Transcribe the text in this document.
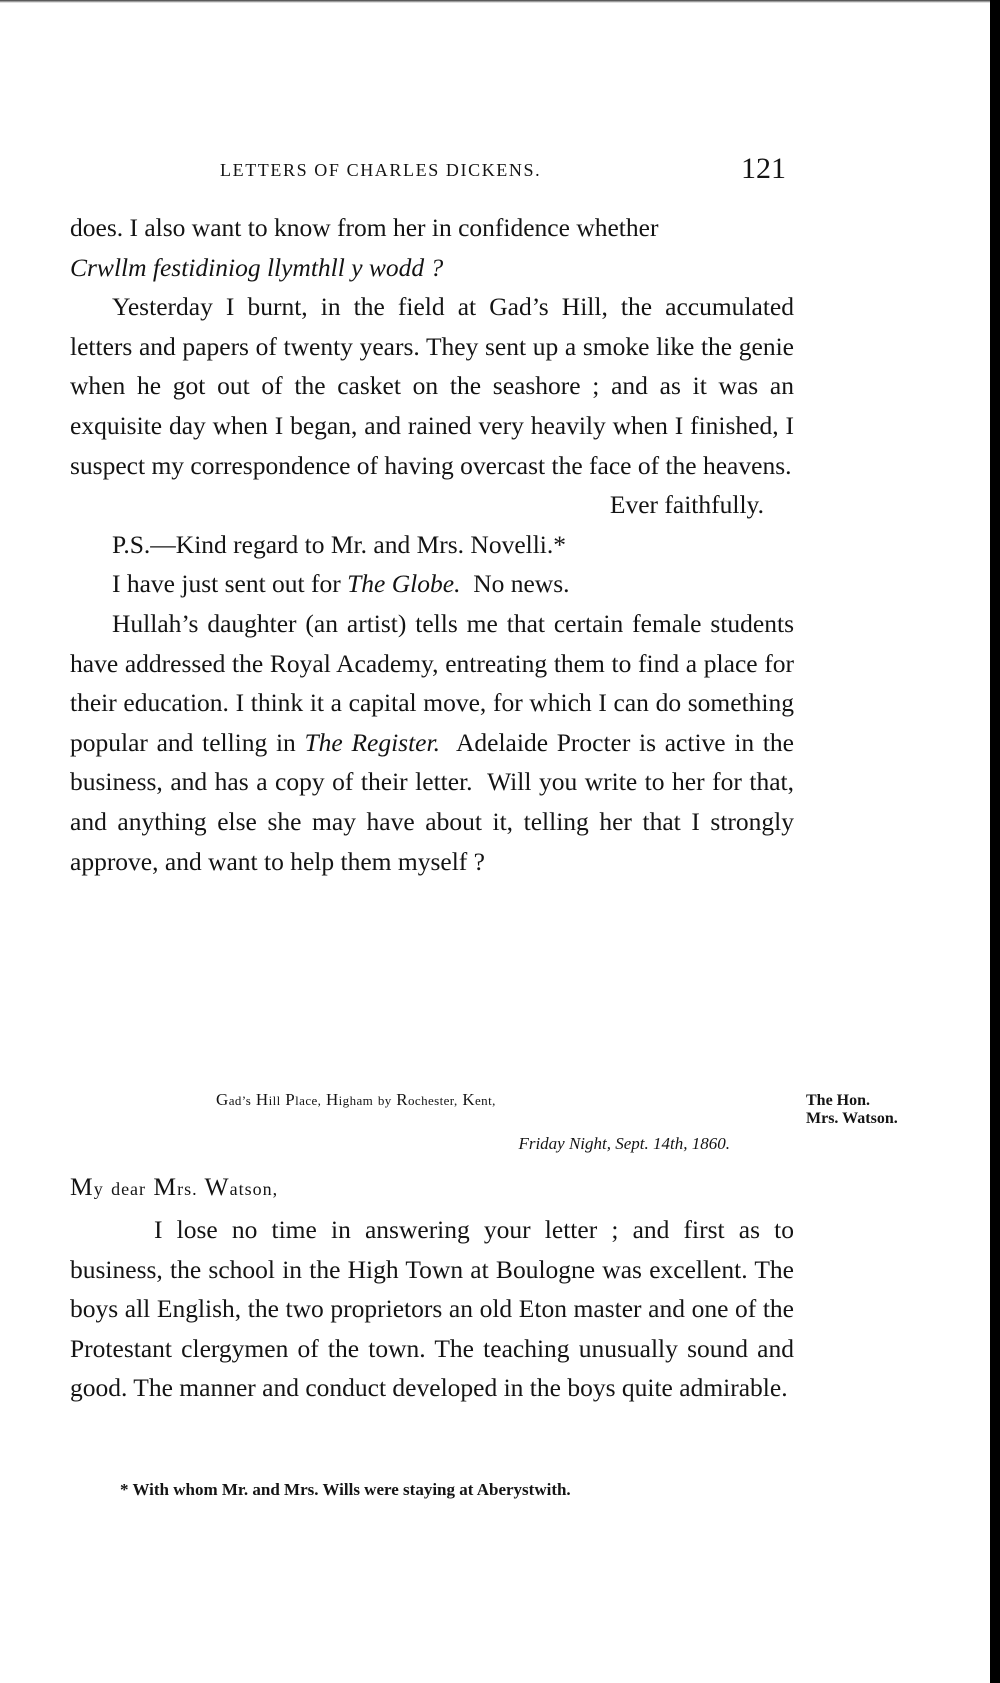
LETTERS OF CHARLES DICKENS.	121

does. I also want to know from her in confidence whether

Crwllm festidiniog llymthll y wodd ?

Yesterday I burnt, in the field at Gad’s Hill, the accumulated letters and papers of twenty years. They sent up a smoke like the genie when he got out of the casket on the seashore ; and as it was an exquisite day when I began, and rained very heavily when I finished, I suspect my correspondence of having overcast the face of the heavens.

Ever faithfully.

P.S.—Kind regard to Mr. and Mrs. Novelli.*

I have just sent out for The Globe.  No news.

Hullah’s daughter (an artist) tells me that certain female students have addressed the Royal Academy, entreating them to find a place for their education. I think it a capital move, for which I can do something popular and telling in The Register.  Adelaide Procter is active in the business, and has a copy of their letter.  Will you write to her for that, and anything else she may have about it, telling her that I strongly approve, and want to help them myself ?

Gad’s Hill Place, Higham by Rochester, Kent,
Friday Night, Sept. 14th, 1860.
The Hon. Mrs. Watson.
My dear Mrs. Watson,

I lose no time in answering your letter ; and first as to business, the school in the High Town at Boulogne was excellent. The boys all English, the two proprietors an old Eton master and one of the Protestant clergymen of the town. The teaching unusually sound and good. The manner and conduct developed in the boys quite admirable.

* With whom Mr. and Mrs. Wills were staying at Aberystwith.
